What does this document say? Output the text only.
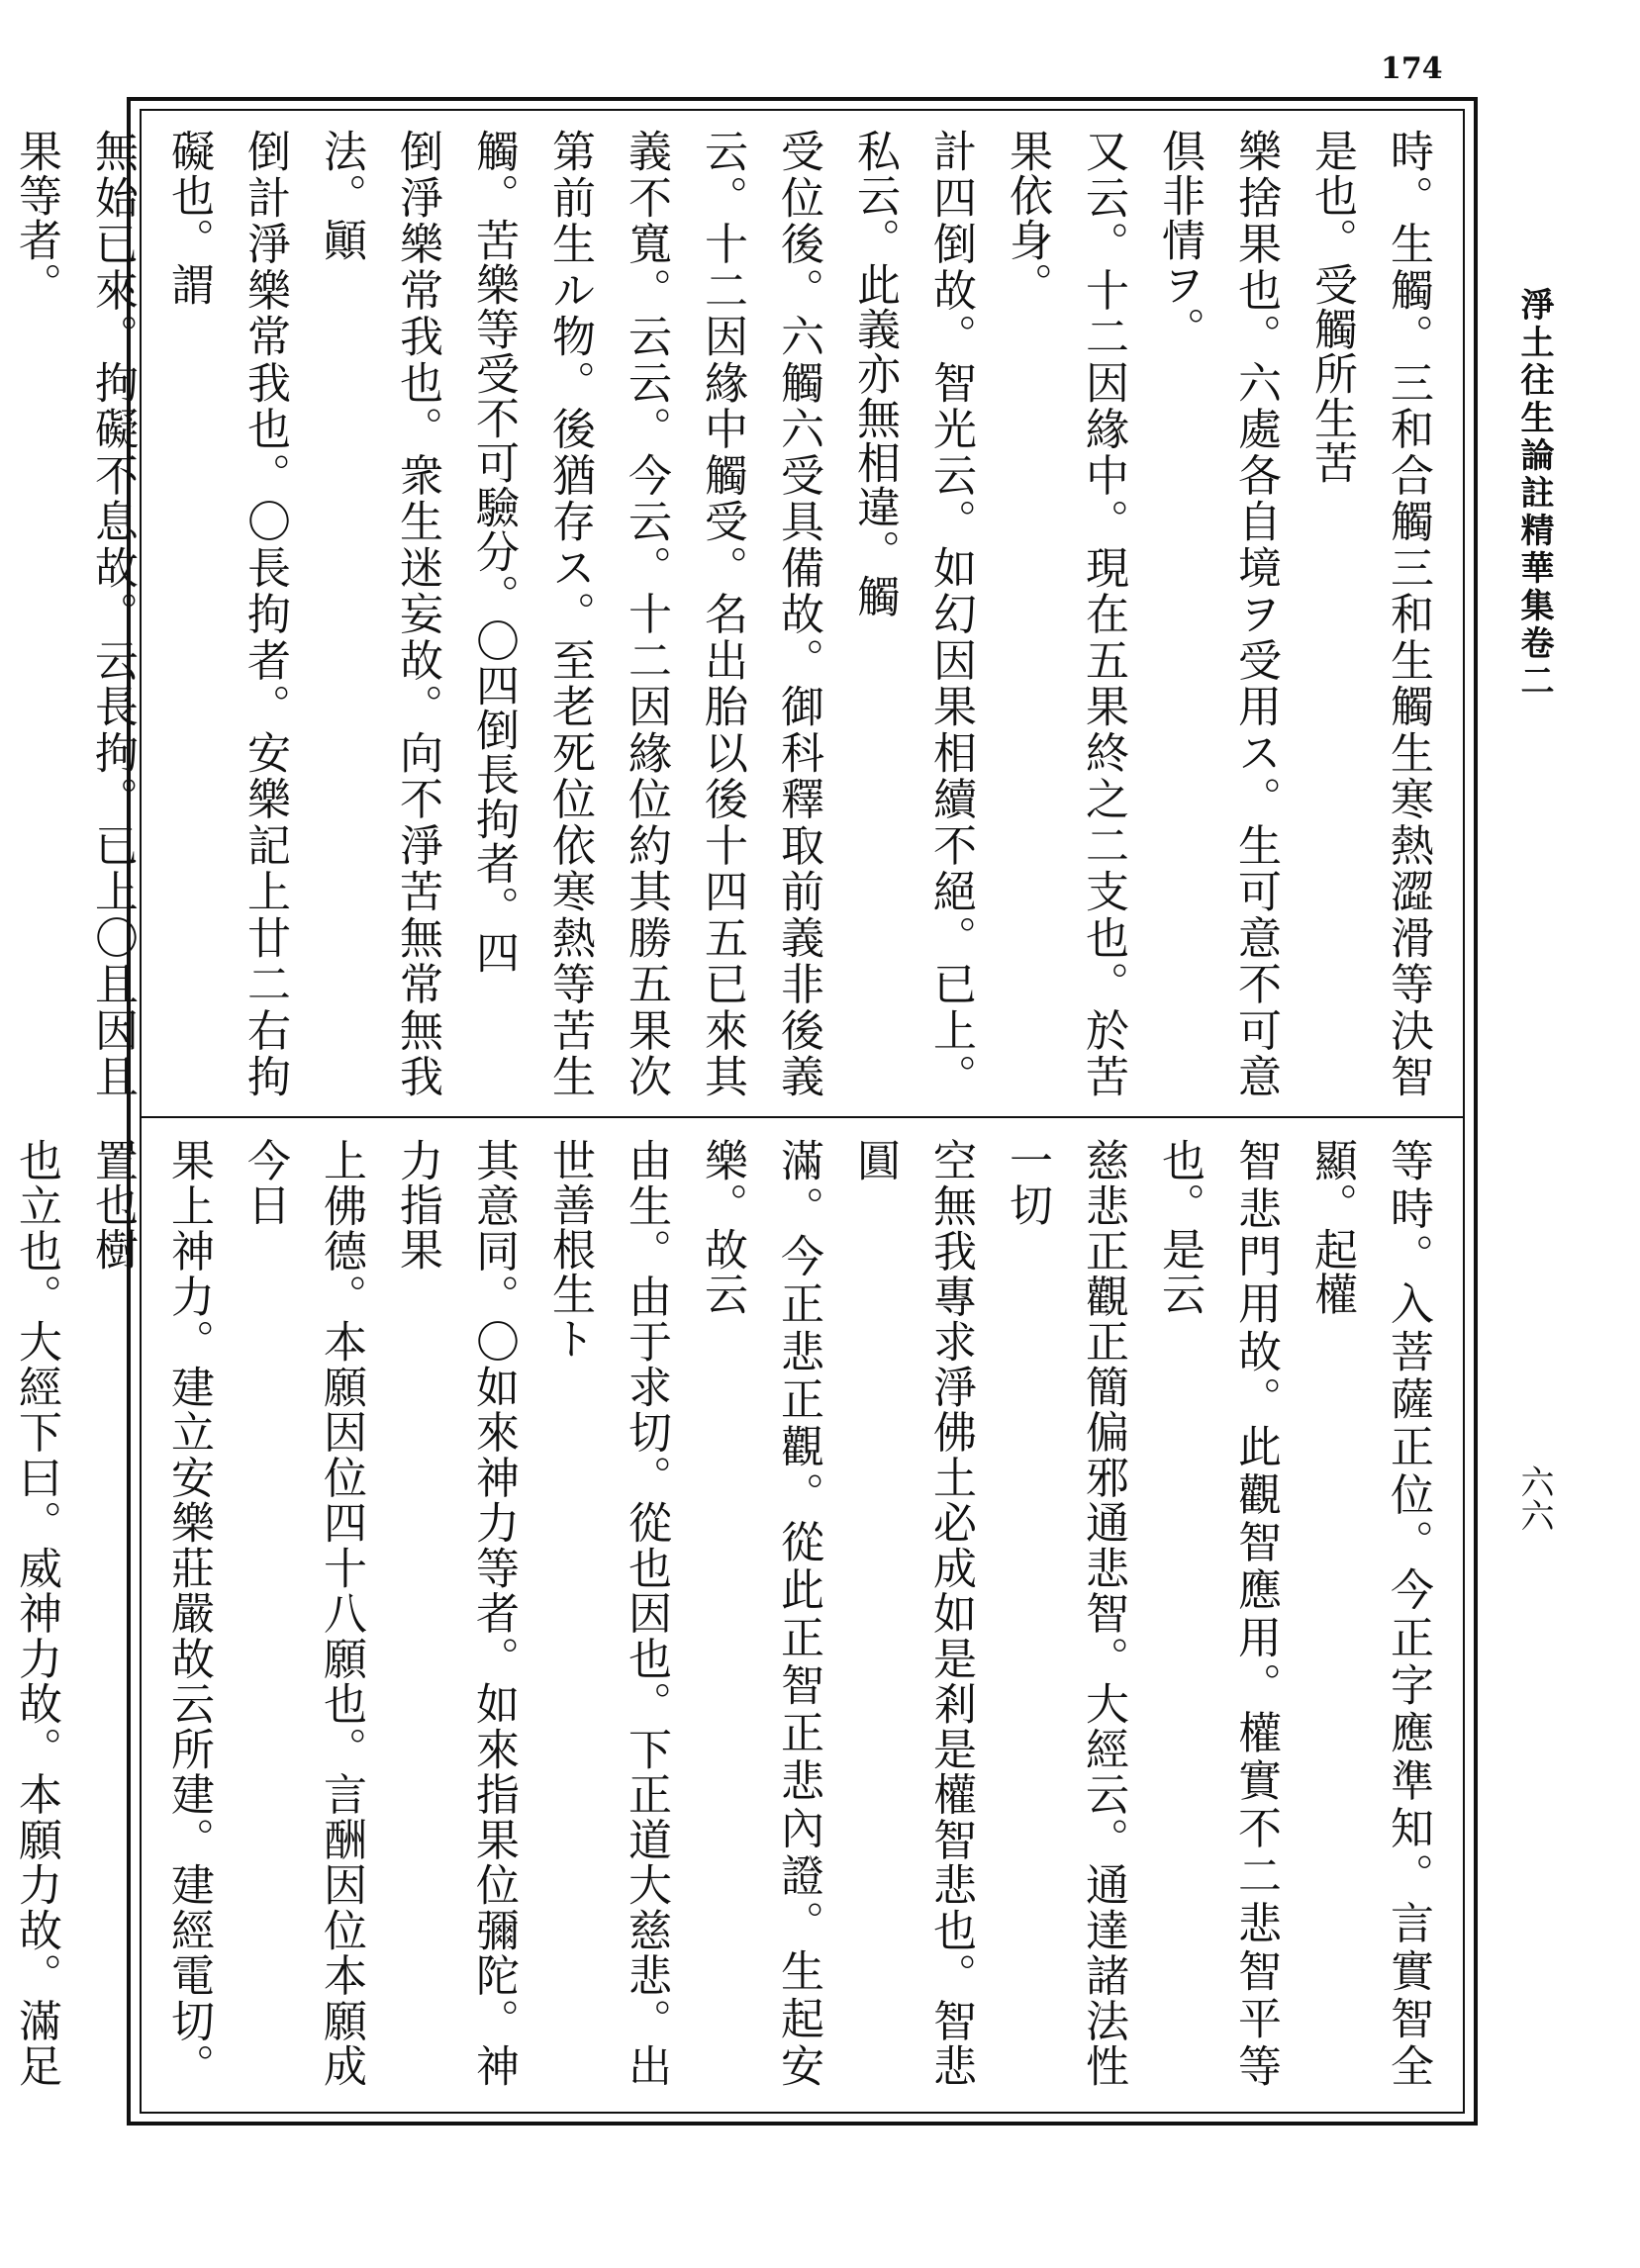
174
淨土往生論註精華集卷二
六六
時。生觸。三和合觸三和生觸生寒熱澀滑等決智是也。受觸所生苦
樂捨果也。六處各自境ヲ受用ス。生可意不可意倶非情ヲ。
又云。十二因緣中。現在五果終之二支也。於苦果依身。
計四倒故。智光云。如幻因果相續不絕。已上。私云。此義亦無相違。觸
受位後。六觸六受具備故。御科釋取前義非後義云。十二因緣中觸受。名出胎以後十四五已來其義不寬。云云。今云。十二因緣位約其勝五果次第前生ル物。後猶存ス。至老死位依寒熱等苦生觸。苦樂等受不可驗分。〇四倒長拘者。四
倒淨樂常我也。衆生迷妄故。向不淨苦無常無我法。顚
倒計淨樂常我也。〇長拘者。安樂記上廿二右拘礙也。謂
無始已來。拘礙不息故。云長拘。已上〇且因且果等者。
等時。入菩薩正位。今正字應準知。言實智全顯。起權
智悲門用故。此觀智應用。權實不二悲智平等也。是云
慈悲正觀正簡偏邪通悲智。大經云。通達諸法性一切
空無我專求淨佛土必成如是剎是權智悲也。智悲圓
滿。今正悲正觀。從此正智正悲內證。生起安樂。故云
由生。由于求切。從也因也。下正道大慈悲。出世善根生ト
其意同。〇如來神力等者。如來指果位彌陀。神力指果
上佛德。本願因位四十八願也。言酬因位本願成今日
果上神力。建立安樂莊嚴故云所建。建經電切。置也樹
也立也。大經下曰。威神力故。本願力故。滿足
